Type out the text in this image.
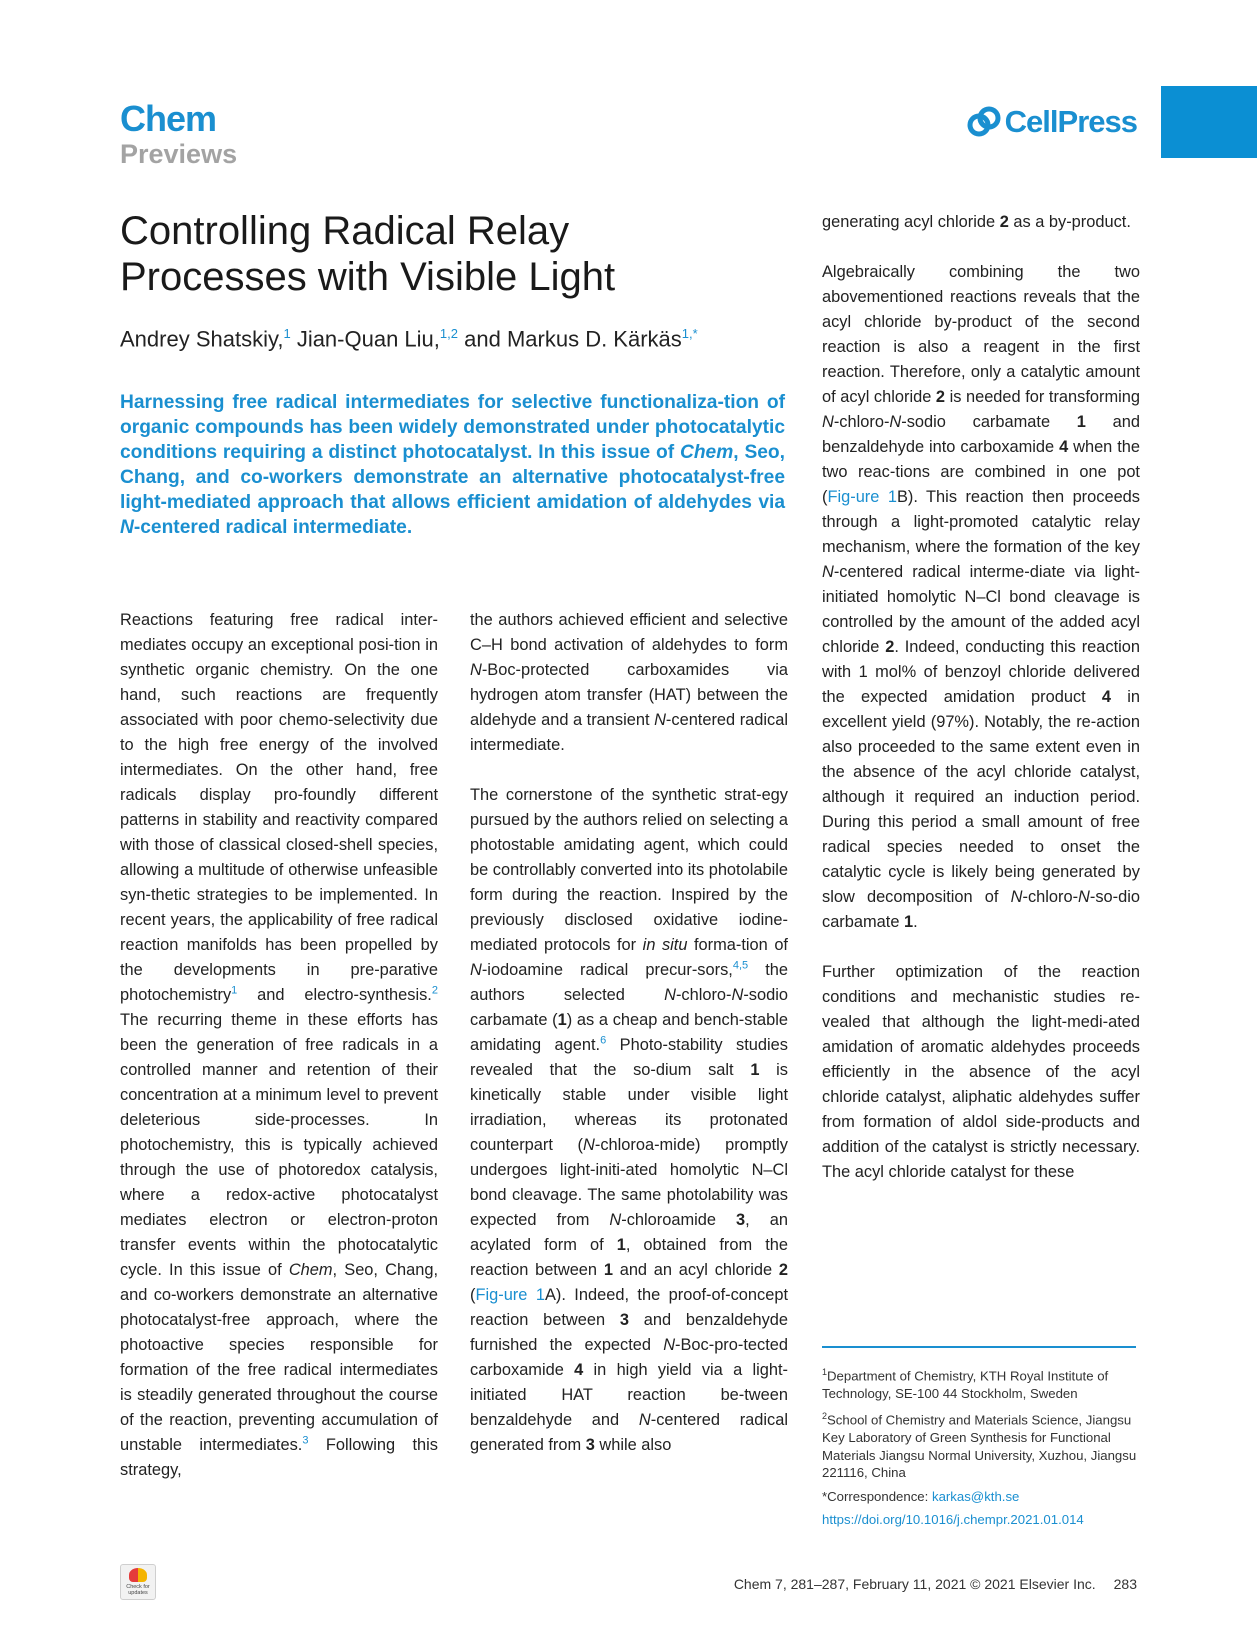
Chem
Previews
CellPress
Controlling Radical Relay
Processes with Visible Light
Andrey Shatskiy,$^1$ Jian-Quan Liu,$^{1,2}$ and Markus D. Kärkäs$^{1,*}$
Harnessing free radical intermediates for selective functionaliza-tion of organic compounds has been widely demonstrated under photocatalytic conditions requiring a distinct photocatalyst. In this issue of Chem, Seo, Chang, and co-workers demonstrate an alternative photocatalyst-free light-mediated approach that allows efficient amidation of aldehydes via N-centered radical intermediate.

Reactions featuring free radical inter-mediates occupy an exceptional posi-tion in synthetic organic chemistry. On the one hand, such reactions are frequently associated with poor chemo-selectivity due to the high free energy of the involved intermediates. On the other hand, free radicals display pro-foundly different patterns in stability and reactivity compared with those of classical closed-shell species, allowing a multitude of otherwise unfeasible syn-thetic strategies to be implemented. In recent years, the applicability of free radical reaction manifolds has been propelled by the developments in pre-parative photochemistry$^1$ and electro-synthesis.$^2$ The recurring theme in these efforts has been the generation of free radicals in a controlled manner and retention of their concentration at a minimum level to prevent deleterious side-processes. In photochemistry, this is typically achieved through the use of photoredox catalysis, where a redox-active photocatalyst mediates electron or electron-proton transfer events within the photocatalytic cycle. In this issue of Chem, Seo, Chang, and co-workers demonstrate an alternative photocatalyst-free approach, where the photoactive species responsible for formation of the free radical intermediates is steadily generated throughout the course of the reaction, preventing accumulation of unstable intermediates.$^3$ Following this strategy,

the authors achieved efficient and selective C–H bond activation of aldehydes to form N-Boc-protected carboxamides via hydrogen atom transfer (HAT) between the aldehyde and a transient N-centered radical intermediate.

The cornerstone of the synthetic strat-egy pursued by the authors relied on selecting a photostable amidating agent, which could be controllably converted into its photolabile form during the reaction. Inspired by the previously disclosed oxidative iodine-mediated protocols for in situ forma-tion of N-iodoamine radical precur-sors,$^{4,5}$ the authors selected N-chloro-N-sodio carbamate (1) as a cheap and bench-stable amidating agent.$^6$ Photo-stability studies revealed that the so-dium salt 1 is kinetically stable under visible light irradiation, whereas its protonated counterpart (N-chloroa-mide) promptly undergoes light-initi-ated homolytic N–Cl bond cleavage. The same photolability was expected from N-chloroamide 3, an acylated form of 1, obtained from the reaction between 1 and an acyl chloride 2 (Fig-ure 1A). Indeed, the proof-of-concept reaction between 3 and benzaldehyde furnished the expected N-Boc-pro-tected carboxamide 4 in high yield via a light-initiated HAT reaction be-tween benzaldehyde and N-centered radical generated from 3 while also

generating acyl chloride 2 as a by-product.

Algebraically combining the two abovementioned reactions reveals that the acyl chloride by-product of the second reaction is also a reagent in the first reaction. Therefore, only a catalytic amount of acyl chloride 2 is needed for transforming N-chloro-N-sodio carbamate 1 and benzaldehyde into carboxamide 4 when the two reac-tions are combined in one pot (Fig-ure 1B). This reaction then proceeds through a light-promoted catalytic relay mechanism, where the formation of the key N-centered radical interme-diate via light-initiated homolytic N–Cl bond cleavage is controlled by the amount of the added acyl chloride 2. Indeed, conducting this reaction with 1 mol% of benzoyl chloride delivered the expected amidation product 4 in excellent yield (97%). Notably, the re-action also proceeded to the same extent even in the absence of the acyl chloride catalyst, although it required an induction period. During this period a small amount of free radical species needed to onset the catalytic cycle is likely being generated by slow decomposition of N-chloro-N-so-dio carbamate 1.

Further optimization of the reaction conditions and mechanistic studies re-vealed that although the light-medi-ated amidation of aromatic aldehydes proceeds efficiently in the absence of the acyl chloride catalyst, aliphatic aldehydes suffer from formation of aldol side-products and addition of the catalyst is strictly necessary. The acyl chloride catalyst for these

$^1$Department of Chemistry, KTH Royal Institute of Technology, SE-100 44 Stockholm, Sweden
$^2$School of Chemistry and Materials Science, Jiangsu Key Laboratory of Green Synthesis for Functional Materials Jiangsu Normal University, Xuzhou, Jiangsu 221116, China
*Correspondence: karkas@kth.se
https://doi.org/10.1016/j.chempr.2021.01.014
Check for updates
Chem 7, 281–287, February 11, 2021 © 2021 Elsevier Inc. 283
